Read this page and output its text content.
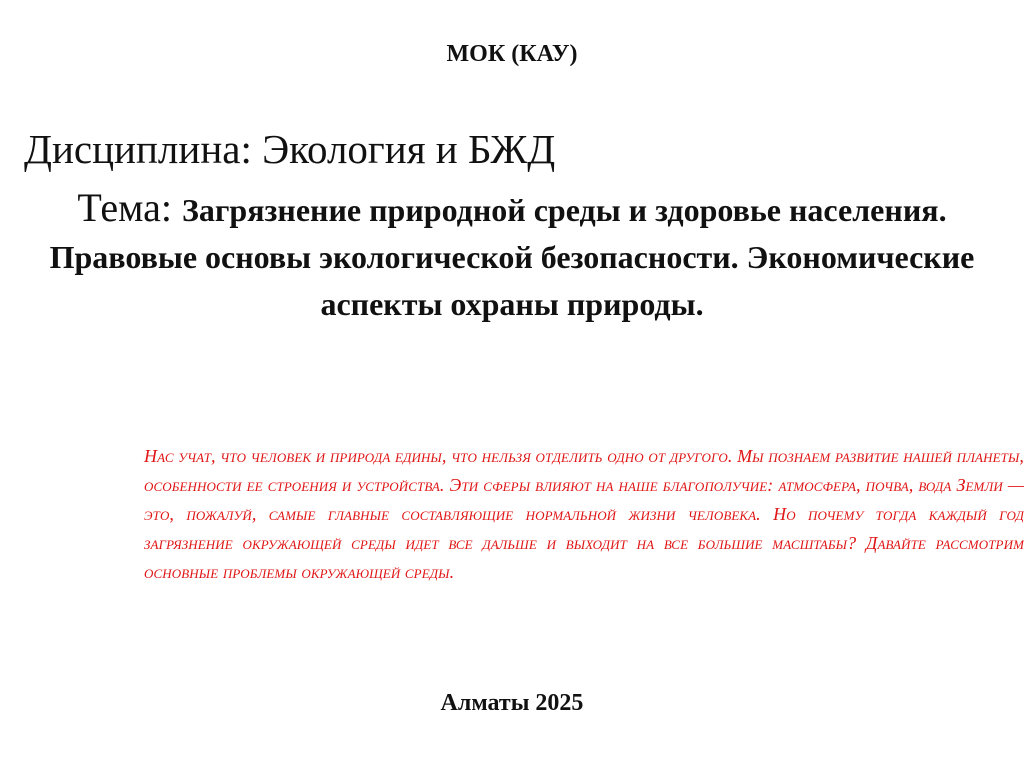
МОК (КАУ)
Дисциплина: Экология и БЖД
Тема: Загрязнение природной среды и здоровье населения. Правовые основы экологической безопасности. Экономические аспекты охраны природы.

Нас учат, что человек и природа едины, что нельзя отделить одно от другого. Мы познаем развитие нашей планеты, особенности ее строения и устройства. Эти сферы влияют на наше благополучие: атмосфера, почва, вода Земли — это, пожалуй, самые главные составляющие нормальной жизни человека. Но почему тогда каждый год загрязнение окружающей среды идет все дальше и выходит на все большие масштабы? Давайте рассмотрим основные проблемы окружающей среды.

Алматы 2025
